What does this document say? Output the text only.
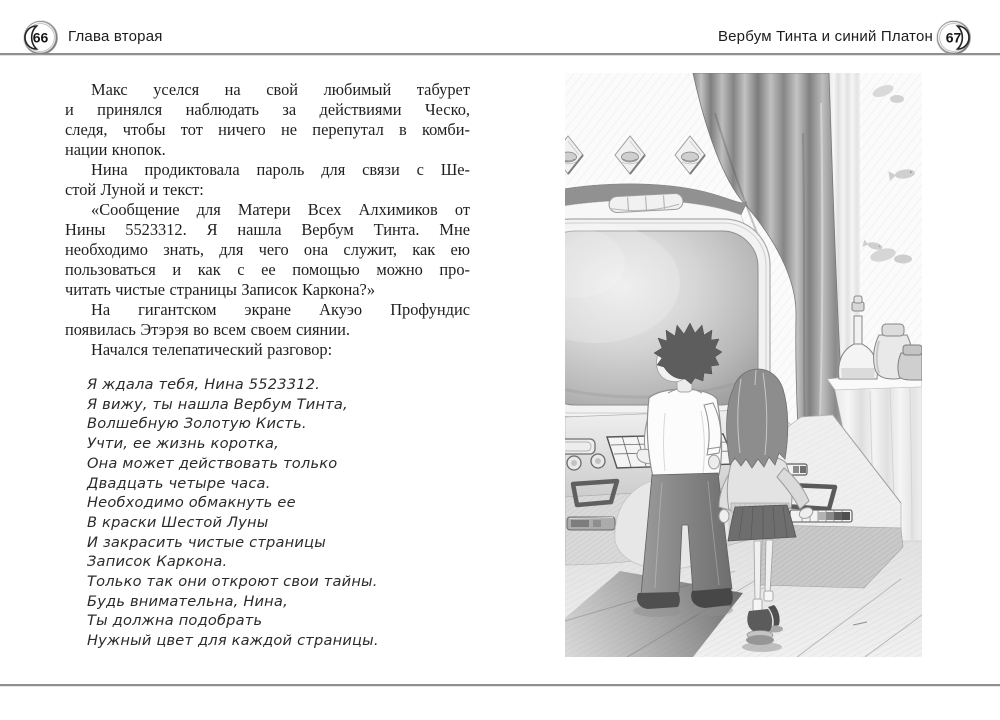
66 Глава вторая	Вербум Тинта и синий Платон 67
Макс уселся на свой любимый табурет
и принялся наблюдать за действиями Ческо,
следя, чтобы тот ничего не перепутал в комби-
нации кнопок.
Нина продиктовала пароль для связи с Ше-
стой Луной и текст:
«Сообщение для Матери Всех Алхимиков от
Нины 5523312. Я нашла Вербум Тинта. Мне
необходимо знать, для чего она служит, как ею
пользоваться и как с ее помощью можно про-
читать чистые страницы Записок Каркона?»
На гигантском экране Акуэо Профундис
появилась Этэрэя во всем своем сиянии.
Начался телепатический разговор:
Я ждала тебя, Нина 5523312.
Я вижу, ты нашла Вербум Тинта,
Волшебную Золотую Кисть.
Учти, ее жизнь коротка,
Она может действовать только
Двадцать четыре часа.
Необходимо обмакнуть ее
В краски Шестой Луны
И закрасить чистые страницы
Записок Каркона.
Только так они откроют свои тайны.
Будь внимательна, Нина,
Ты должна подобрать
Нужный цвет для каждой страницы.
